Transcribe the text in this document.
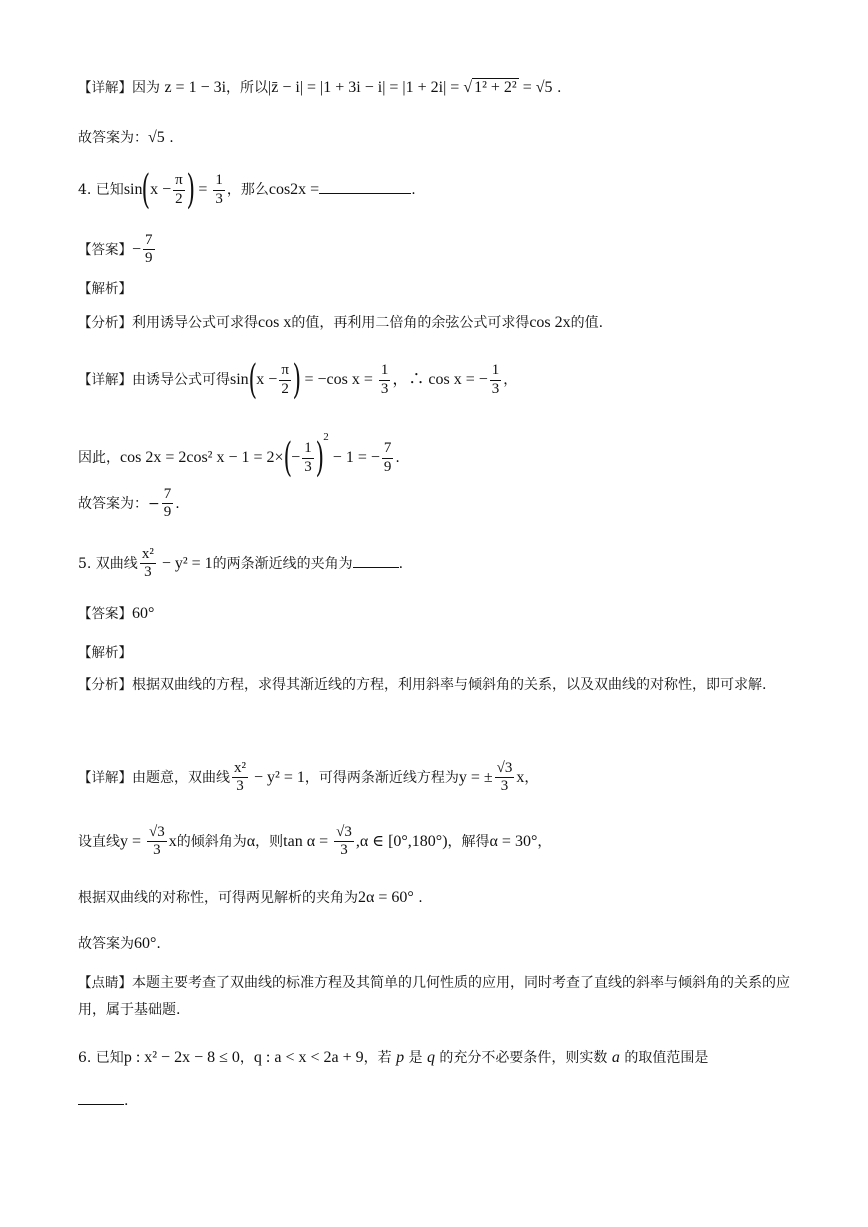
【详解】因为 z = 1 − 3i，所以|z̄ − i| = |1 + 3i − i| = |1 + 2i| = √ 1² + 2² = √5 .
故答案为：√5 .
4. 已知$\sin(x - \frac{\pi}{2}$ ) = $\frac{1}{3}$ ，那么cos2x =	.
【答案】− $\frac{7}{9}$
【解析】
【分析】利用诱导公式可求得cos x的值，再利用二倍角的余弦公式可求得cos 2x的值.
【详解】由诱导公式可得$\sin(x - \frac{\pi}{2}$ ) = −cos $x = \frac{1}{3}$ ，∴ cos x = − $\frac{1}{3}$ ，
因此，cos 2x = 2cos² $x - 1 = 2\times(- \frac{1}{3} )^2 - 1$ = − $\frac{7}{9}$ .
故答案为：− $\frac{7}{9}$ .
5. 双曲线 $\frac{\text{x²}}{3} - y^2 = 1$的两条渐近线的夹角为	.
【答案】60°
【解析】
【分析】根据双曲线的方程，求得其渐近线的方程，利用斜率与倾斜角的关系，以及双曲线的对称性，即可求解.
【详解】由题意，双曲线 $\frac{\text{x²}}{3} - y^2 = 1$，可得两条渐近线方程为y = ± $\frac{√3}{3}$ x，
设直线$y = \frac{√3}{3}$ x的倾斜角为α，则$\tan \alpha = \frac{√3}{3} ,\alpha$ ∈ [0°,180°)，解得α = 30°，
根据双曲线的对称性，可得两见解析的夹角为2α = 60° .
故答案为60°.
【点睛】本题主要考查了双曲线的标准方程及其简单的几何性质的应用，同时考查了直线的斜率与倾斜角的关系的应用，属于基础题.
6. 已知p : x² − 2x − 8 ≤ 0，q : a < x < 2a + 9，若 p 是 q 的充分不必要条件，则实数 a 的取值范围是
.
